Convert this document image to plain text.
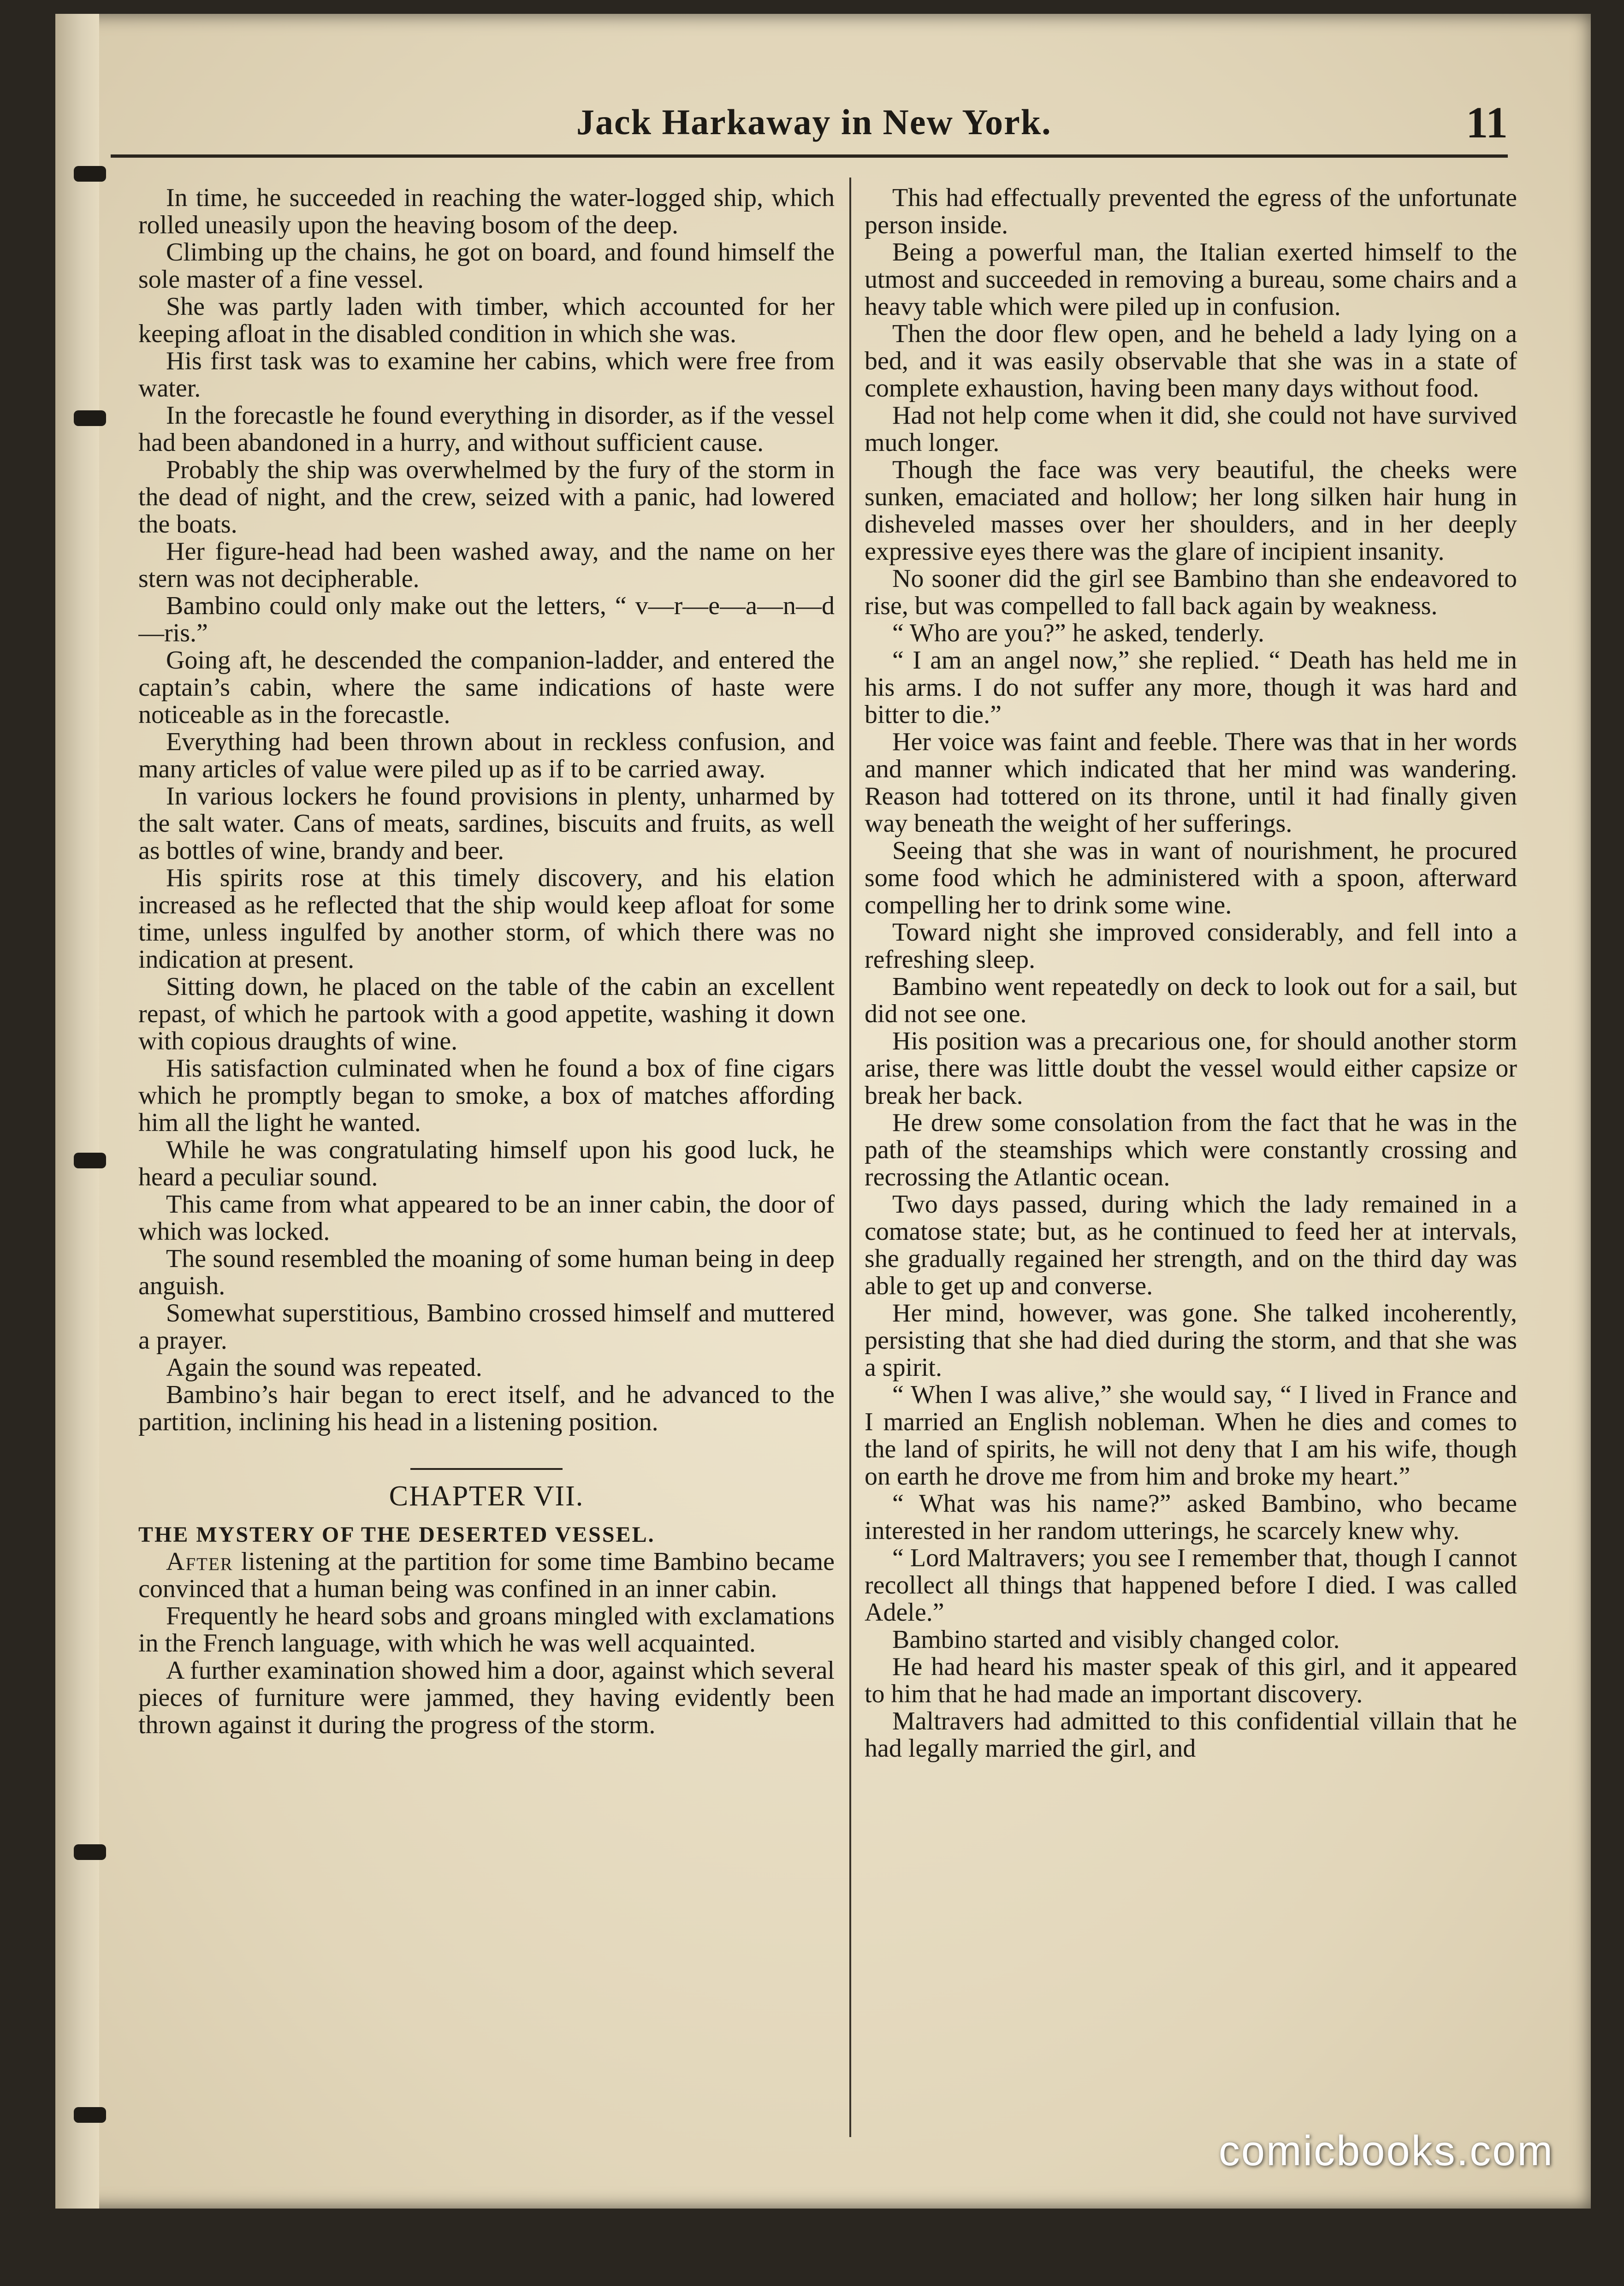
Jack Harkaway in New York.	11

In time, he succeeded in reaching the water-logged ship, which rolled uneasily upon the heaving bosom of the deep.

Climbing up the chains, he got on board, and found himself the sole master of a fine vessel.

She was partly laden with timber, which accounted for her keeping afloat in the disabled condition in which she was.

His first task was to examine her cabins, which were free from water.

In the forecastle he found everything in disorder, as if the vessel had been abandoned in a hurry, and without sufficient cause.

Probably the ship was overwhelmed by the fury of the storm in the dead of night, and the crew, seized with a panic, had lowered the boats.

Her figure-head had been washed away, and the name on her stern was not decipherable.

Bambino could only make out the letters, “ v—r—e—a—n—d—ris.”

Going aft, he descended the companion-ladder, and entered the captain’s cabin, where the same indications of haste were noticeable as in the forecastle.

Everything had been thrown about in reckless confusion, and many articles of value were piled up as if to be carried away.

In various lockers he found provisions in plenty, unharmed by the salt water. Cans of meats, sardines, biscuits and fruits, as well as bottles of wine, brandy and beer.

His spirits rose at this timely discovery, and his elation increased as he reflected that the ship would keep afloat for some time, unless ingulfed by another storm, of which there was no indication at present.

Sitting down, he placed on the table of the cabin an excellent repast, of which he partook with a good appetite, washing it down with copious draughts of wine.

His satisfaction culminated when he found a box of fine cigars which he promptly began to smoke, a box of matches affording him all the light he wanted.

While he was congratulating himself upon his good luck, he heard a peculiar sound.

This came from what appeared to be an inner cabin, the door of which was locked.

The sound resembled the moaning of some human being in deep anguish.

Somewhat superstitious, Bambino crossed himself and muttered a prayer.

Again the sound was repeated.

Bambino’s hair began to erect itself, and he advanced to the partition, inclining his head in a listening position.

CHAPTER VII.

THE MYSTERY OF THE DESERTED VESSEL.

After listening at the partition for some time Bambino became convinced that a human being was confined in an inner cabin.

Frequently he heard sobs and groans mingled with exclamations in the French language, with which he was well acquainted.

A further examination showed him a door, against which several pieces of furniture were jammed, they having evidently been thrown against it during the progress of the storm.

This had effectually prevented the egress of the unfortunate person inside.

Being a powerful man, the Italian exerted himself to the utmost and succeeded in removing a bureau, some chairs and a heavy table which were piled up in confusion.

Then the door flew open, and he beheld a lady lying on a bed, and it was easily observable that she was in a state of complete exhaustion, having been many days without food.

Had not help come when it did, she could not have survived much longer.

Though the face was very beautiful, the cheeks were sunken, emaciated and hollow; her long silken hair hung in disheveled masses over her shoulders, and in her deeply expressive eyes there was the glare of incipient insanity.

No sooner did the girl see Bambino than she endeavored to rise, but was compelled to fall back again by weakness.

“ Who are you?” he asked, tenderly.

“ I am an angel now,” she replied. “ Death has held me in his arms. I do not suffer any more, though it was hard and bitter to die.”

Her voice was faint and feeble. There was that in her words and manner which indicated that her mind was wandering. Reason had tottered on its throne, until it had finally given way beneath the weight of her sufferings.

Seeing that she was in want of nourishment, he procured some food which he administered with a spoon, afterward compelling her to drink some wine.

Toward night she improved considerably, and fell into a refreshing sleep.

Bambino went repeatedly on deck to look out for a sail, but did not see one.

His position was a precarious one, for should another storm arise, there was little doubt the vessel would either capsize or break her back.

He drew some consolation from the fact that he was in the path of the steamships which were constantly crossing and recrossing the Atlantic ocean.

Two days passed, during which the lady remained in a comatose state; but, as he continued to feed her at intervals, she gradually regained her strength, and on the third day was able to get up and converse.

Her mind, however, was gone. She talked incoherently, persisting that she had died during the storm, and that she was a spirit.

“ When I was alive,” she would say, “ I lived in France and I married an English nobleman. When he dies and comes to the land of spirits, he will not deny that I am his wife, though on earth he drove me from him and broke my heart.”

“ What was his name?” asked Bambino, who became interested in her random utterings, he scarcely knew why.

“ Lord Maltravers; you see I remember that, though I cannot recollect all things that happened before I died. I was called Adele.”

Bambino started and visibly changed color.

He had heard his master speak of this girl, and it appeared to him that he had made an important discovery.

Maltravers had admitted to this confidential villain that he had legally married the girl, and

comicbooks.com
